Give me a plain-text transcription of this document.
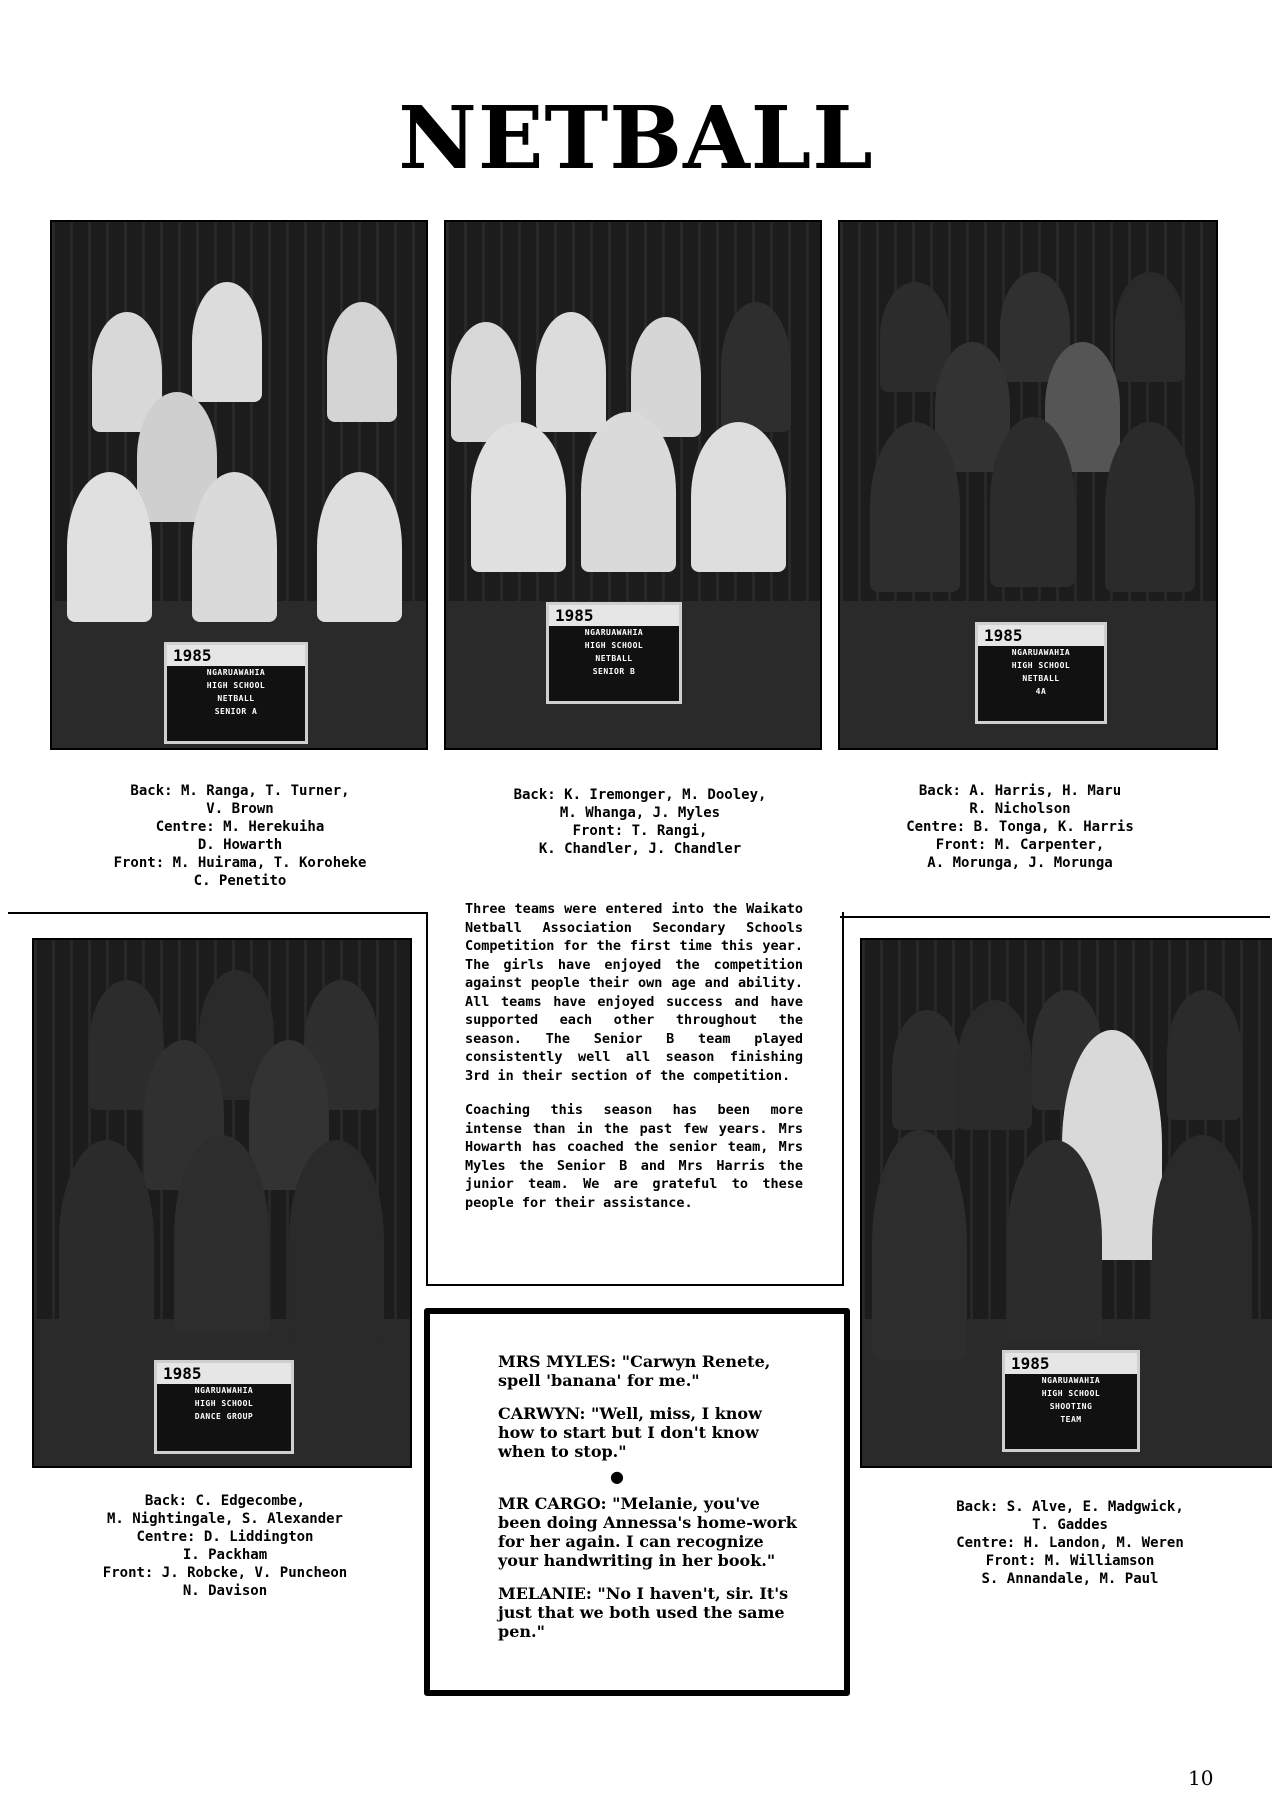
NETBALL
1985
NGARUAWAHIA
HIGH SCHOOL
NETBALL
SENIOR A
1985
NGARUAWAHIA
HIGH SCHOOL
NETBALL
SENIOR B
1985
NGARUAWAHIA
HIGH SCHOOL
NETBALL
4A
Back: M. Ranga, T. Turner,
V. Brown
Centre: M. Herekuiha
D. Howarth
Front: M. Huirama, T. Koroheke
C. Penetito
Back: K. Iremonger, M. Dooley,
M. Whanga, J. Myles
Front: T. Rangi,
K. Chandler, J. Chandler
Back: A. Harris, H. Maru
R. Nicholson
Centre: B. Tonga, K. Harris
Front: M. Carpenter,
A. Morunga, J. Morunga

Three teams were entered into the Waikato Netball Association Secondary Schools Competition for the first time this year. The girls have enjoyed the competition against people their own age and ability. All teams have enjoyed success and have supported each other throughout the season. The Senior B team played consistently well all season finishing 3rd in their section of the competition.

Coaching this season has been more intense than in the past few years. Mrs Howarth has coached the senior team, Mrs Myles the Senior B and Mrs Harris the junior team. We are grateful to these people for their assistance.

1985
NGARUAWAHIA
HIGH SCHOOL
DANCE GROUP
1985
NGARUAWAHIA
HIGH SCHOOL
SHOOTING
TEAM

MRS MYLES: "Carwyn Renete, spell 'banana' for me."

CARWYN: "Well, miss, I know how to start but I don't know when to stop."

●

MR CARGO: "Melanie, you've been doing Annessa's home-work for her again. I can recognize your handwriting in her book."

MELANIE: "No I haven't, sir. It's just that we both used the same pen."

Back: C. Edgecombe,
M. Nightingale, S. Alexander
Centre: D. Liddington
I. Packham
Front: J. Robcke, V. Puncheon
N. Davison
Back: S. Alve, E. Madgwick,
T. Gaddes
Centre: H. Landon, M. Weren
Front: M. Williamson
S. Annandale, M. Paul
1⁠0
